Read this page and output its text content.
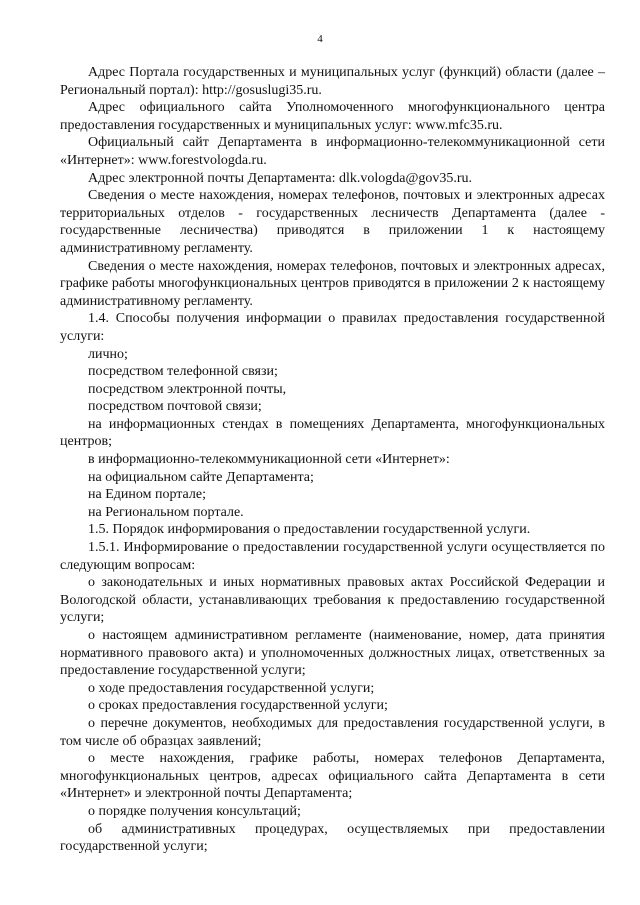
4

Адрес Портала государственных и муниципальных услуг (функций) области (далее – Региональный портал): http://gosuslugi35.ru.

Адрес официального сайта Уполномоченного многофункционального центра предоставления государственных и муниципальных услуг: www.mfc35.ru.

Официальный сайт Департамента в информационно-телекоммуникационной сети «Интернет»: www.forestvologda.ru.

Адрес электронной почты Департамента: dlk.vologda@gov35.ru.

Сведения о месте нахождения, номерах телефонов, почтовых и электронных адресах территориальных отделов - государственных лесничеств Департамента (далее - государственные лесничества) приводятся в приложении 1 к настоящему административному регламенту.

Сведения о месте нахождения, номерах телефонов, почтовых и электронных адресах, графике работы многофункциональных центров приводятся в приложении 2 к настоящему административному регламенту.

1.4. Способы получения информации о правилах предоставления государственной услуги:

лично;

посредством телефонной связи;

посредством электронной почты,

посредством почтовой связи;

на информационных стендах в помещениях Департамента, многофункциональных центров;

в информационно-телекоммуникационной сети «Интернет»:

на официальном сайте Департамента;

на Едином портале;

на Региональном портале.

1.5. Порядок информирования о предоставлении государственной услуги.

1.5.1. Информирование о предоставлении государственной услуги осуществляется по следующим вопросам:

о законодательных и иных нормативных правовых актах Российской Федерации и Вологодской области, устанавливающих требования к предоставлению государственной услуги;

о настоящем административном регламенте (наименование, номер, дата принятия нормативного правового акта) и уполномоченных должностных лицах, ответственных за предоставление государственной услуги;

о ходе предоставления государственной услуги;

о сроках предоставления государственной услуги;

о перечне документов, необходимых для предоставления государственной услуги, в том числе об образцах заявлений;

о месте нахождения, графике работы, номерах телефонов Департамента, многофункциональных центров, адресах официального сайта Департамента в сети «Интернет» и электронной почты Департамента;

о порядке получения консультаций;

об административных процедурах, осуществляемых при предоставлении государственной услуги;
